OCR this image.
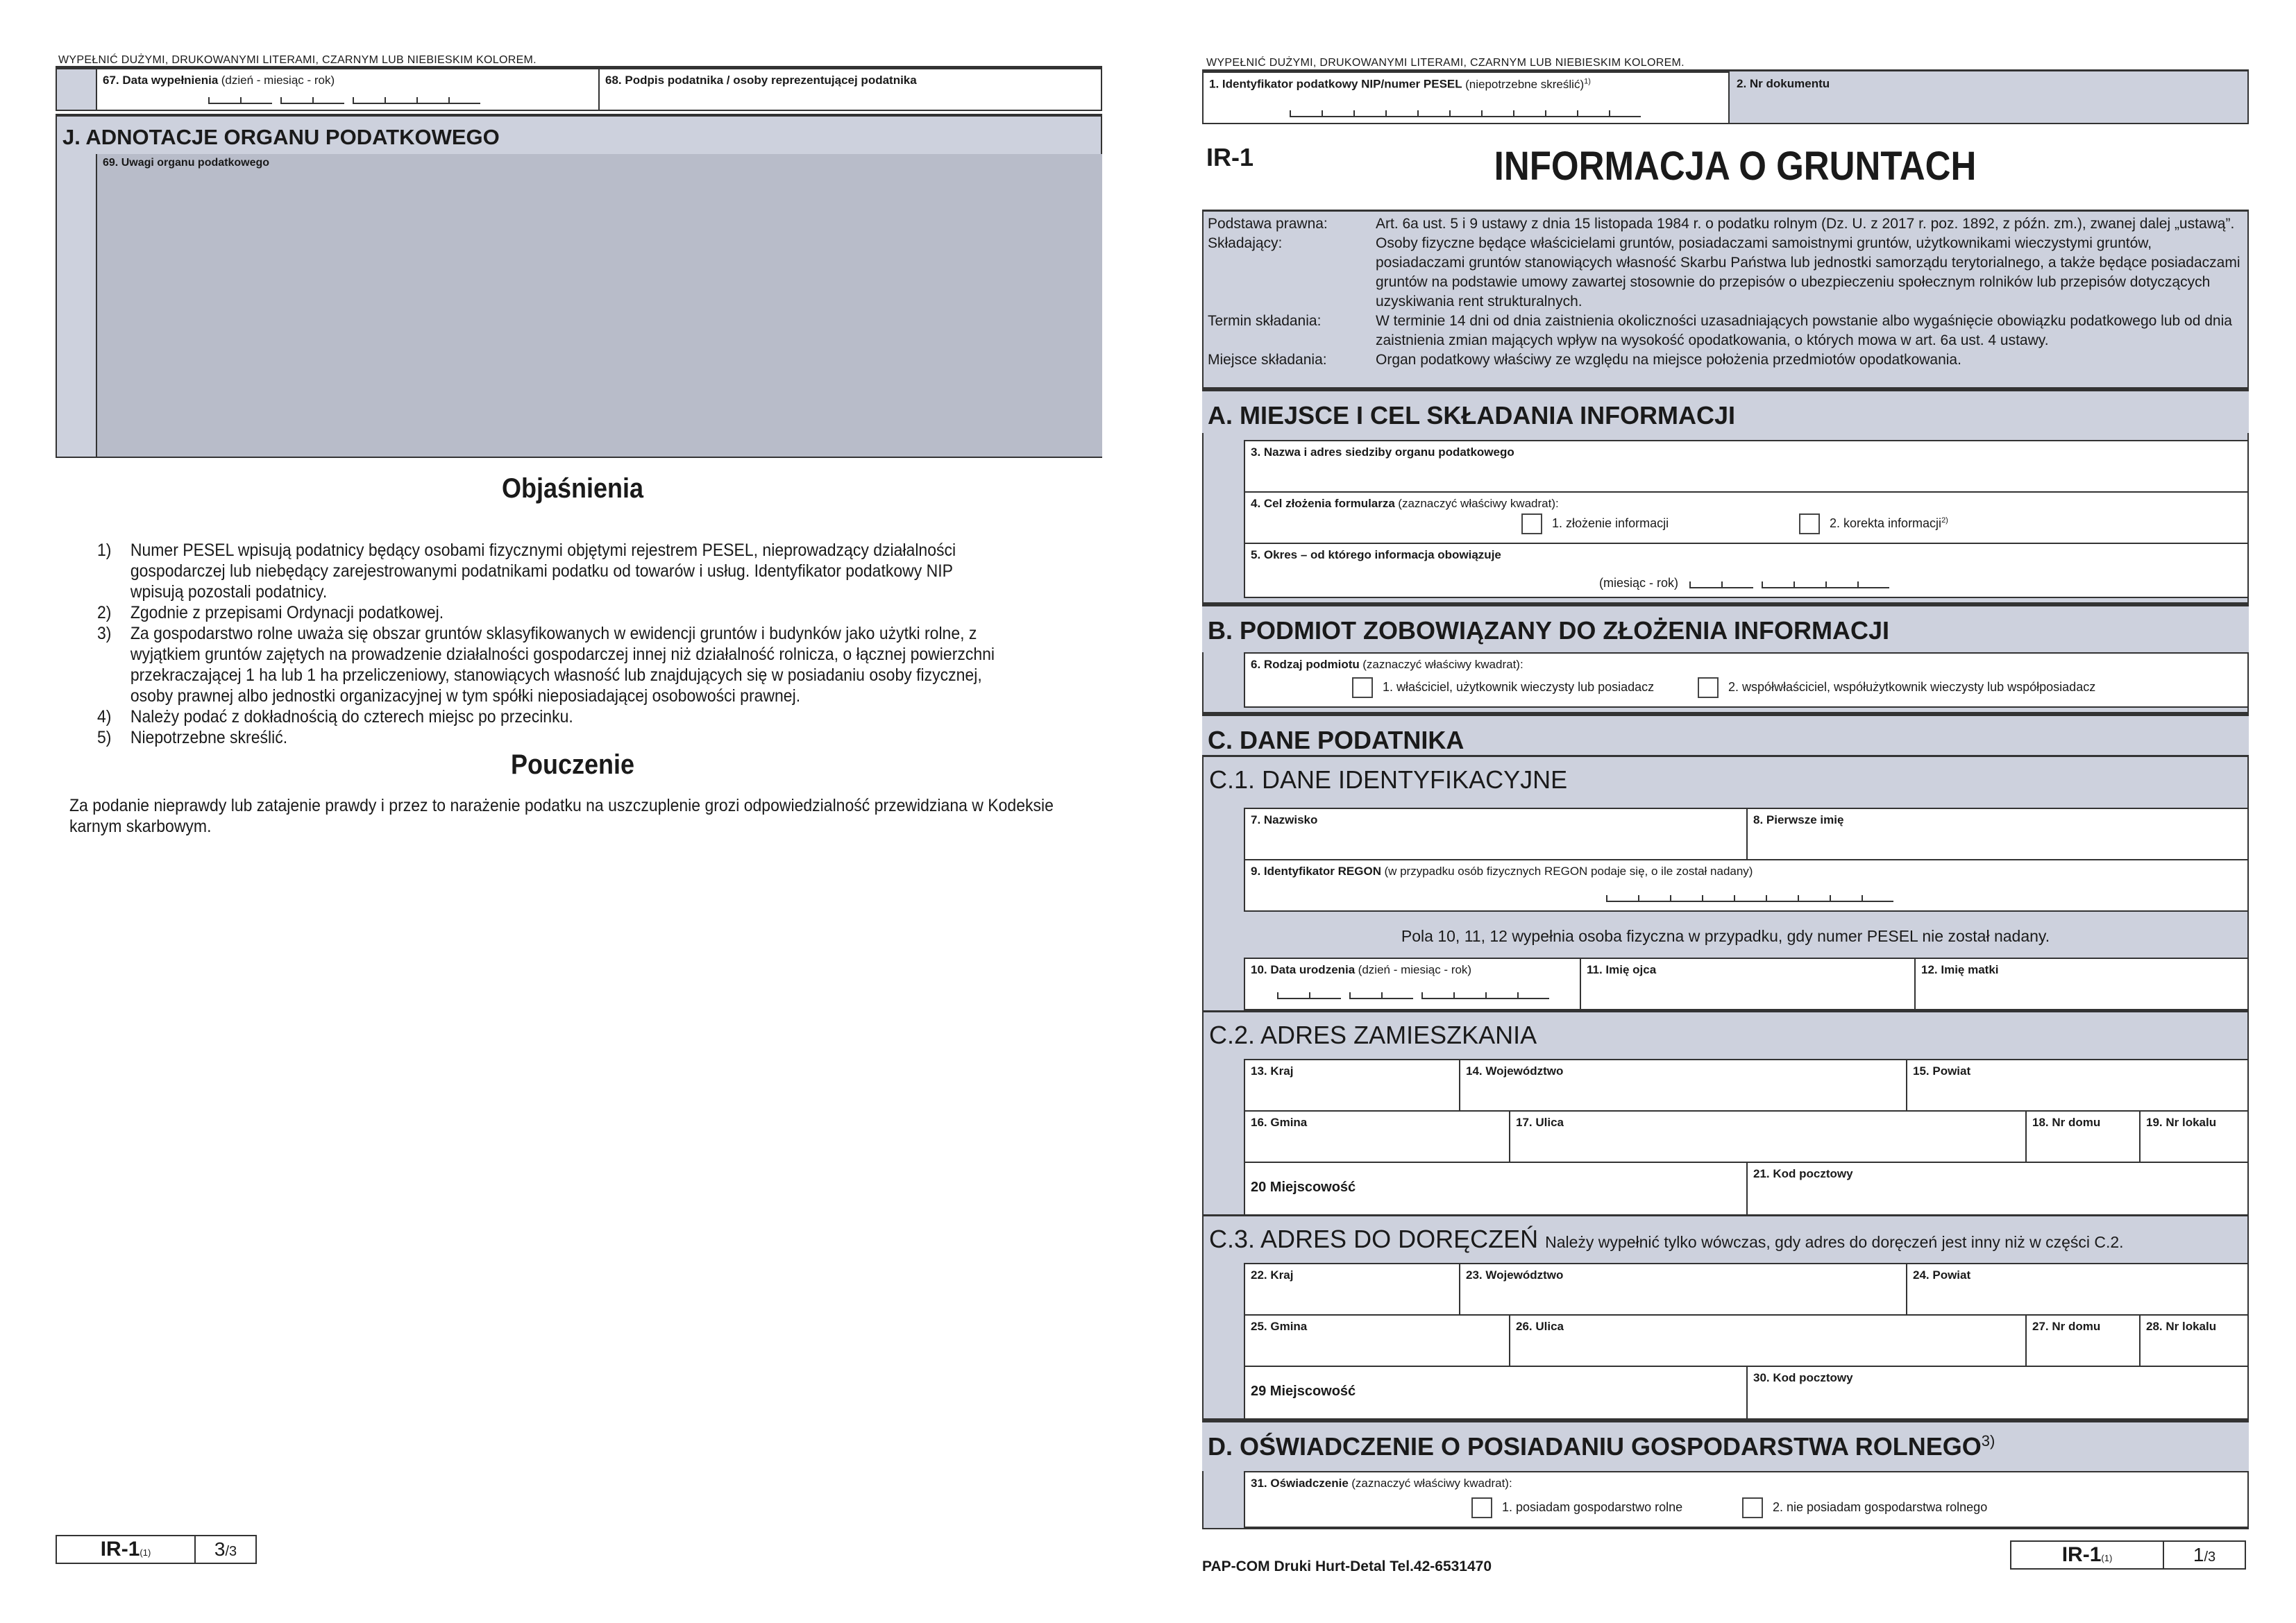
WYPEŁNIĆ DUŻYMI, DRUKOWANYMI LITERAMI, CZARNYM LUB NIEBIESKIM KOLOREM.
67. Data wypełnienia (dzień - miesiąc - rok)	68. Podpis podatnika / osoby reprezentującej podatnika
J. ADNOTACJE ORGANU PODATKOWEGO
69. Uwagi organu podatkowego
Objaśnienia
1)	Numer PESEL wpisują podatnicy będący osobami fizycznymi objętymi rejestrem PESEL, nieprowadzący działalności gospodarczej lub niebędący zarejestrowanymi podatnikami podatku od towarów i usług. Identyfikator podatkowy NIP wpisują pozostali podatnicy.
2)	Zgodnie z przepisami Ordynacji podatkowej.
3)	Za gospodarstwo rolne uważa się obszar gruntów sklasyfikowanych w ewidencji gruntów i budynków jako użytki rolne, z wyjątkiem gruntów zajętych na prowadzenie działalności gospodarczej innej niż działalność rolnicza, o łącznej powierzchni przekraczającej 1 ha lub 1 ha przeliczeniowy, stanowiących własność lub znajdujących się w posiadaniu osoby fizycznej, osoby prawnej albo jednostki organizacyjnej w tym spółki nieposiadającej osobowości prawnej.
4)	Należy podać z dokładnością do czterech miejsc po przecinku.
5)	Niepotrzebne skreślić.
Pouczenie
Za podanie nieprawdy lub zatajenie prawdy i przez to narażenie podatku na uszczuplenie grozi odpowiedzialność przewidziana w Kodeksie karnym skarbowym.
IR-1(1)	3/3
WYPEŁNIĆ DUŻYMI, DRUKOWANYMI LITERAMI, CZARNYM LUB NIEBIESKIM KOLOREM.
1. Identyfikator podatkowy NIP/numer PESEL (niepotrzebne skreślić)$^{1)}$	2. Nr dokumentu
IR-1	INFORMACJA O GRUNTACH
Podstawa prawna:	Art. 6a ust. 5 i 9 ustawy z dnia 15 listopada 1984 r. o podatku rolnym (Dz. U. z 2017 r. poz. 1892, z późn. zm.), zwanej dalej „ustawą”.
Składający:	Osoby fizyczne będące właścicielami gruntów, posiadaczami samoistnymi gruntów, użytkownikami wieczystymi gruntów, posiadaczami gruntów stanowiących własność Skarbu Państwa lub jednostki samorządu terytorialnego, a także będące posiadaczami gruntów na podstawie umowy zawartej stosownie do przepisów o ubezpieczeniu społecznym rolników lub przepisów dotyczących uzyskiwania rent strukturalnych.
Termin składania:	W terminie 14 dni od dnia zaistnienia okoliczności uzasadniających powstanie albo wygaśnięcie obowiązku podatkowego lub od dnia zaistnienia zmian mających wpływ na wysokość opodatkowania, o których mowa w art. 6a ust. 4 ustawy.
Miejsce składania:	Organ podatkowy właściwy ze względu na miejsce położenia przedmiotów opodatkowania.
A. MIEJSCE I CEL SKŁADANIA INFORMACJI
3. Nazwa i adres siedziby organu podatkowego
4. Cel złożenia formularza (zaznaczyć właściwy kwadrat):
1. złożenie informacji	2. korekta informacji$^{2)}$
5. Okres – od którego informacja obowiązuje
(miesiąc - rok)
B. PODMIOT ZOBOWIĄZANY DO ZŁOŻENIA INFORMACJI
6. Rodzaj podmiotu (zaznaczyć właściwy kwadrat):
1. właściciel, użytkownik wieczysty lub posiadacz	2. współwłaściciel, współużytkownik wieczysty lub współposiadacz
C. DANE PODATNIKA
C.1. DANE IDENTYFIKACYJNE
7. Nazwisko	8. Pierwsze imię
9. Identyfikator REGON (w przypadku osób fizycznych REGON podaje się, o ile został nadany)
Pola 10, 11, 12 wypełnia osoba fizyczna w przypadku, gdy numer PESEL nie został nadany.
10. Data urodzenia (dzień - miesiąc - rok)	11. Imię ojca	12. Imię matki
C.2. ADRES ZAMIESZKANIA
13. Kraj	14. Województwo	15. Powiat
16. Gmina	17. Ulica	18. Nr domu	19. Nr lokalu
20 Miejscowość
21. Kod pocztowy
C.3. ADRES DO DORĘCZEŃ Należy wypełnić tylko wówczas, gdy adres do doręczeń jest inny niż w części C.2.
22. Kraj	23. Województwo	24. Powiat
25. Gmina	26. Ulica	27. Nr domu	28. Nr lokalu
29 Miejscowość
30. Kod pocztowy
D. OŚWIADCZENIE O POSIADANIU GOSPODARSTWA ROLNEGO$^{3)}$
31. Oświadczenie (zaznaczyć właściwy kwadrat):
1. posiadam gospodarstwo rolne	2. nie posiadam gospodarstwa rolnego
PAP-COM Druki Hurt-Detal Tel.42-6531470
IR-1(1)	1/3
